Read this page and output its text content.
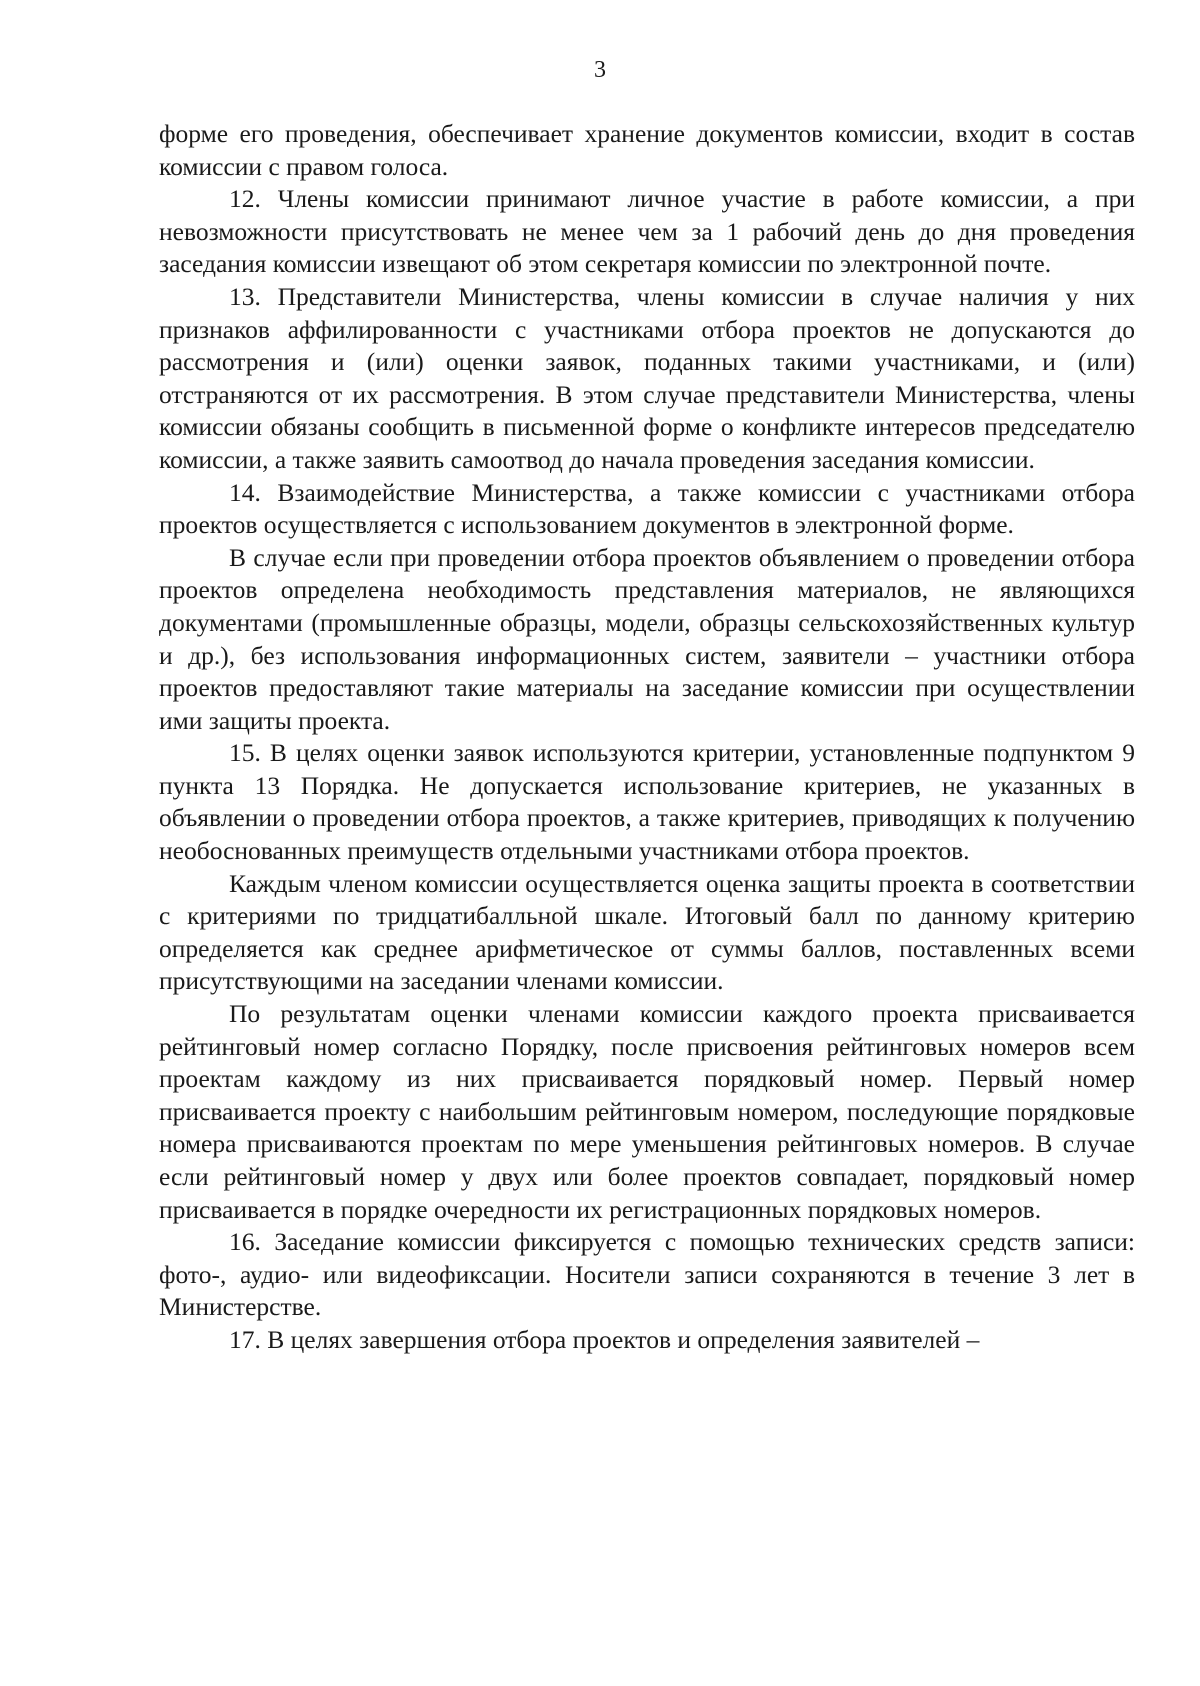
3

форме его проведения, обеспечивает хранение документов комиссии, входит в состав комиссии с правом голоса.

12. Члены комиссии принимают личное участие в работе комиссии, а при невозможности присутствовать не менее чем за 1 рабочий день до дня проведения заседания комиссии извещают об этом секретаря комиссии по электронной почте.

13. Представители Министерства, члены комиссии в случае наличия у них признаков аффилированности с участниками отбора проектов не допускаются до рассмотрения и (или) оценки заявок, поданных такими участниками, и (или) отстраняются от их рассмотрения. В этом случае представители Министерства, члены комиссии обязаны сообщить в письменной форме о конфликте интересов председателю комиссии, а также заявить самоотвод до начала проведения заседания комиссии.

14. Взаимодействие Министерства, а также комиссии с участниками отбора проектов осуществляется с использованием документов в электронной форме.

В случае если при проведении отбора проектов объявлением о проведении отбора проектов определена необходимость представления материалов, не являющихся документами (промышленные образцы, модели, образцы сельскохозяйственных культур и др.), без использования информационных систем, заявители – участники отбора проектов предоставляют такие материалы на заседание комиссии при осуществлении ими защиты проекта.

15. В целях оценки заявок используются критерии, установленные подпунктом 9 пункта 13 Порядка. Не допускается использование критериев, не указанных в объявлении о проведении отбора проектов, а также критериев, приводящих к получению необоснованных преимуществ отдельными участниками отбора проектов.

Каждым членом комиссии осуществляется оценка защиты проекта в соответствии с критериями по тридцатибалльной шкале. Итоговый балл по данному критерию определяется как среднее арифметическое от суммы баллов, поставленных всеми присутствующими на заседании членами комиссии.

По результатам оценки членами комиссии каждого проекта присваивается рейтинговый номер согласно Порядку, после присвоения рейтинговых номеров всем проектам каждому из них присваивается порядковый номер. Первый номер присваивается проекту с наибольшим рейтинговым номером, последующие порядковые номера присваиваются проектам по мере уменьшения рейтинговых номеров. В случае если рейтинговый номер у двух или более проектов совпадает, порядковый номер присваивается в порядке очередности их регистрационных порядковых номеров.

16. Заседание комиссии фиксируется с помощью технических средств записи: фото-, аудио- или видеофиксации. Носители записи сохраняются в течение 3 лет в Министерстве.

17. В целях завершения отбора проектов и определения заявителей –
